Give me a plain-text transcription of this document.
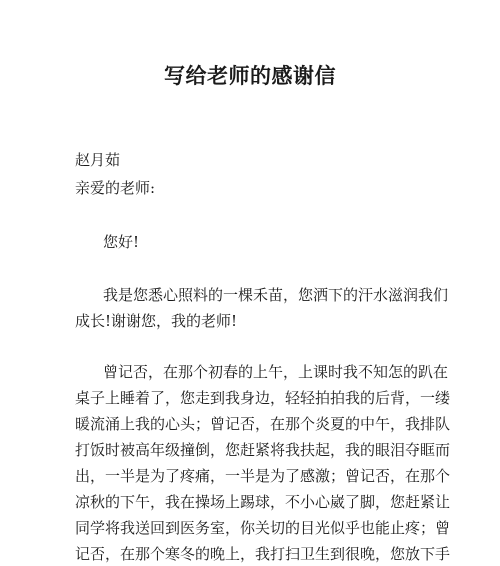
写给老师的感谢信
赵月茹
亲爱的老师:
您好!
我是您悉心照料的一棵禾苗，您洒下的汗水滋润我们
成长!谢谢您，我的老师!
曾记否，在那个初春的上午，上课时我不知怎的趴在
桌子上睡着了，您走到我身边，轻轻拍拍我的后背，一缕
暖流涌上我的心头；曾记否，在那个炎夏的中午，我排队
打饭时被高年级撞倒，您赶紧将我扶起，我的眼泪夺眶而
出，一半是为了疼痛，一半是为了感激；曾记否，在那个
凉秋的下午，我在操场上踢球，不小心崴了脚，您赶紧让
同学将我送回到医务室，你关切的目光似乎也能止疼；曾
记否，在那个寒冬的晚上，我打扫卫生到很晚，您放下手
